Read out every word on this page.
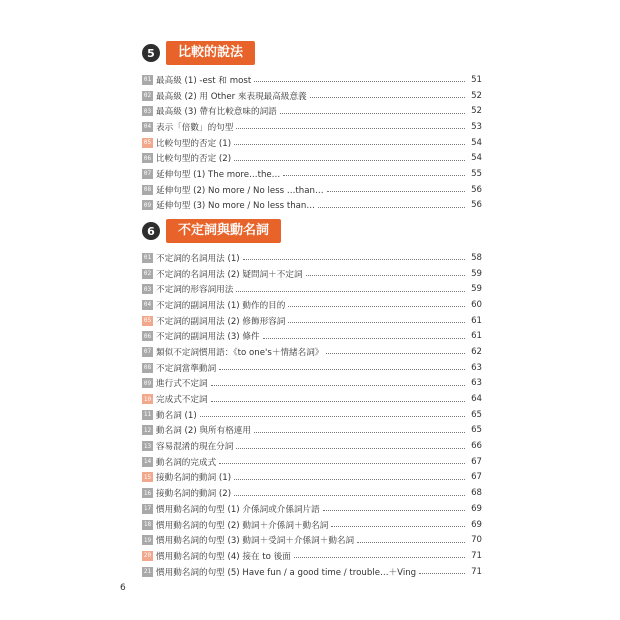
5	比較的說法
01 最高級 (1) -est 和 most	51
02 最高級 (2) 用 Other 來表現最高級意義	52
03 最高級 (3) 帶有比較意味的詞語	52
04 表示「倍數」的句型	53
05 比較句型的否定 (1)	54
06 比較句型的否定 (2)	54
07 延伸句型 (1) The more…the…	55
08 延伸句型 (2) No more / No less …than…	56
09 延伸句型 (3) No more / No less than…	56
6	不定詞與動名詞
01 不定詞的名詞用法 (1)	58
02 不定詞的名詞用法 (2) 疑問詞＋不定詞	59
03 不定詞的形容詞用法	59
04 不定詞的副詞用法 (1) 動作的目的	60
05 不定詞的副詞用法 (2) 修飾形容詞	61
06 不定詞的副詞用法 (3) 條件	61
07 類似不定詞慣用語：《to one's＋情緒名詞》	62
08 不定詞當準動詞	63
09 進行式不定詞	63
10 完成式不定詞	64
11 動名詞 (1)	65
12 動名詞 (2) 與所有格連用	65
13 容易混淆的現在分詞	66
14 動名詞的完成式	67
15 接動名詞的動詞 (1)	67
16 接動名詞的動詞 (2)	68
17 慣用動名詞的句型 (1) 介係詞或介係詞片語	69
18 慣用動名詞的句型 (2) 動詞＋介係詞＋動名詞	69
19 慣用動名詞的句型 (3) 動詞＋受詞＋介係詞＋動名詞	70
20 慣用動名詞的句型 (4) 接在 to 後面	71
21 慣用動名詞的句型 (5) Have fun / a good time / trouble…＋Ving	71
6
